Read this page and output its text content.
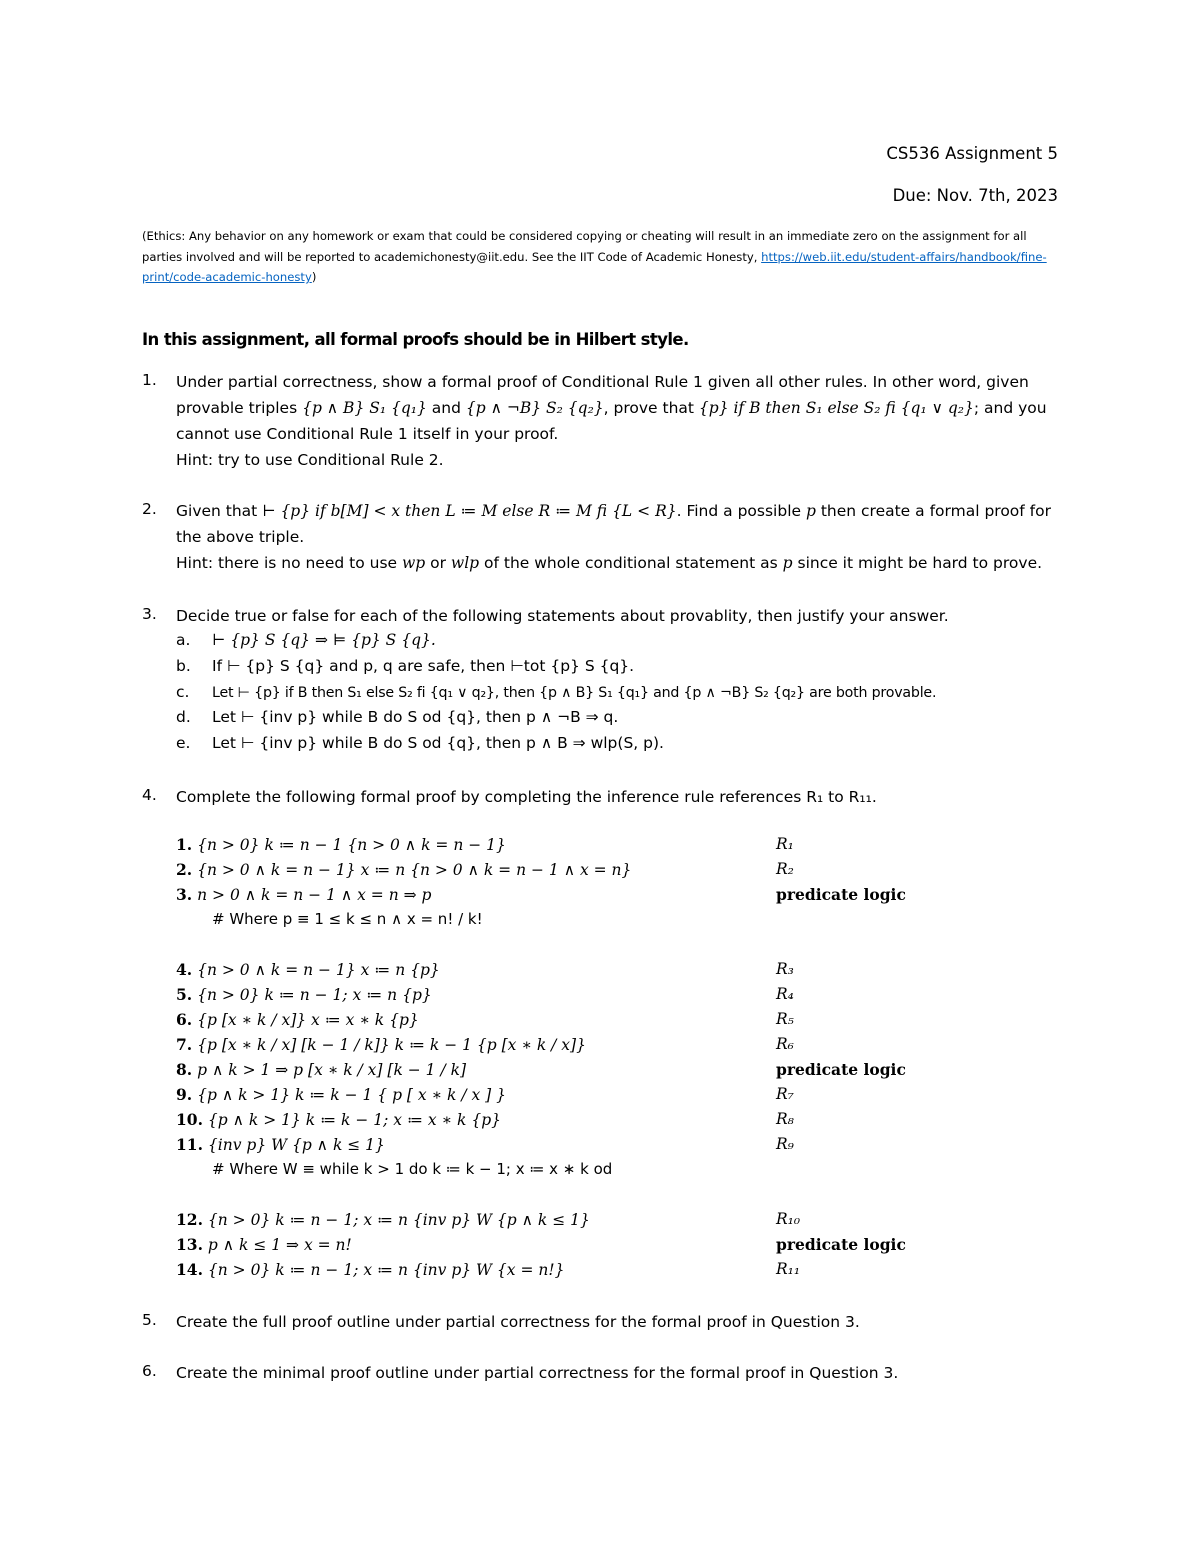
CS536 Assignment 5
Due: Nov. 7th, 2023
(Ethics: Any behavior on any homework or exam that could be considered copying or cheating will result in an immediate zero on the assignment for all parties involved and will be reported to academichonesty@iit.edu. See the IIT Code of Academic Honesty, https://web.iit.edu/student-affairs/handbook/fine-print/code-academic-honesty)
In this assignment, all formal proofs should be in Hilbert style.
1. Under partial correctness, show a formal proof of Conditional Rule 1 given all other rules. In other word, given provable triples {p ∧ B} S₁ {q₁} and {p ∧ ¬B} S₂ {q₂}, prove that {p} if B then S₁ else S₂ fi {q₁ ∨ q₂}; and you cannot use Conditional Rule 1 itself in your proof.
Hint: try to use Conditional Rule 2.
2. Given that ⊢ {p} if b[M] < x then L ≔ M else R ≔ M fi {L < R}. Find a possible p then create a formal proof for the above triple.
Hint: there is no need to use wp or wlp of the whole conditional statement as p since it might be hard to prove.
3. Decide true or false for each of the following statements about provablity, then justify your answer.
a. ⊢ {p} S {q} ⇒ ⊨ {p} S {q}.
b. If ⊢ {p} S {q} and p, q are safe, then ⊢tot {p} S {q}.
c. Let ⊢ {p} if B then S₁ else S₂ fi {q₁ ∨ q₂}, then {p ∧ B} S₁ {q₁} and {p ∧ ¬B} S₂ {q₂} are both provable.
d. Let ⊢ {inv p} while B do S od {q}, then p ∧ ¬B ⇒ q.
e. Let ⊢ {inv p} while B do S od {q}, then p ∧ B ⇒ wlp(S, p).
4. Complete the following formal proof by completing the inference rule references R₁ to R₁₁.
1. {n > 0} k ≔ n − 1 {n > 0 ∧ k = n − 1}	R₁
2. {n > 0 ∧ k = n − 1} x ≔ n {n > 0 ∧ k = n − 1 ∧ x = n}	R₂
3. n > 0 ∧ k = n − 1 ∧ x = n ⇒ p	predicate logic
# Where p ≡ 1 ≤ k ≤ n ∧ x = n! / k!
4. {n > 0 ∧ k = n − 1} x ≔ n {p}	R₃
5. {n > 0} k ≔ n − 1; x ≔ n {p}	R₄
6. {p [x ∗ k / x]} x ≔ x ∗ k {p}	R₅
7. {p [x ∗ k / x] [k − 1 / k]} k ≔ k − 1 {p [x ∗ k / x]}	R₆
8. p ∧ k > 1 ⇒ p [x ∗ k / x] [k − 1 / k]	predicate logic
9. {p ∧ k > 1} k ≔ k − 1 { p [ x ∗ k / x ] }	R₇
10. {p ∧ k > 1} k ≔ k − 1; x ≔ x ∗ k {p}	R₈
11. {inv p} W {p ∧ k ≤ 1}	R₉
# Where W ≡ while k > 1 do k ≔ k − 1; x ≔ x ∗ k od
12. {n > 0} k ≔ n − 1; x ≔ n {inv p} W {p ∧ k ≤ 1}	R₁₀
13. p ∧ k ≤ 1 ⇒ x = n!	predicate logic
14. {n > 0} k ≔ n − 1; x ≔ n {inv p} W {x = n!}	R₁₁
5. Create the full proof outline under partial correctness for the formal proof in Question 3.
6. Create the minimal proof outline under partial correctness for the formal proof in Question 3.
